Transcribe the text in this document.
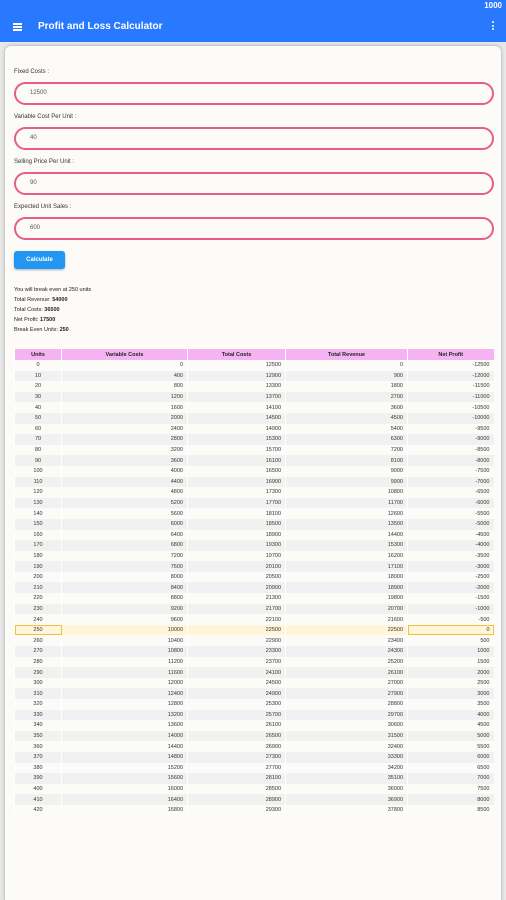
1000
Profit and Loss Calculator
Fixed Costs :
12500
Variable Cost Per Unit :
40
Selling Price Per Unit :
90
Expected Unit Sales :
600
Calculate
You will break even at 250 units
Total Revenue: 54000
Total Costs: 36500
Net Profit: 17500
Break Even Units: 250
Units	Variable Costs	Total Costs	Total Revenue	Net Profit
0	0	12500	0	-12500
10	400	12900	900	-12000
20	800	13300	1800	-11500
30	1200	13700	2700	-11000
40	1600	14100	3600	-10500
50	2000	14500	4500	-10000
60	2400	14900	5400	-9500
70	2800	15300	6300	-9000
80	3200	15700	7200	-8500
90	3600	16100	8100	-8000
100	4000	16500	9000	-7500
110	4400	16900	9900	-7000
120	4800	17300	10800	-6500
130	5200	17700	11700	-6000
140	5600	18100	12600	-5500
150	6000	18500	13500	-5000
160	6400	18900	14400	-4500
170	6800	19300	15300	-4000
180	7200	19700	16200	-3500
190	7600	20100	17100	-3000
200	8000	20500	18000	-2500
210	8400	20900	18900	-2000
220	8800	21300	19800	-1500
230	9200	21700	20700	-1000
240	9600	22100	21600	-500
250	10000	22500	22500	0
260	10400	22900	23400	500
270	10800	23300	24300	1000
280	11200	23700	25200	1500
290	11600	24100	26100	2000
300	12000	24500	27000	2500
310	12400	24900	27900	3000
320	12800	25300	28800	3500
330	13200	25700	29700	4000
340	13600	26100	30600	4500
350	14000	26500	31500	5000
360	14400	26900	32400	5500
370	14800	27300	33300	6000
380	15200	27700	34200	6500
390	15600	28100	35100	7000
400	16000	28500	36000	7500
410	16400	28900	36900	8000
420	16800	29300	37800	8500
